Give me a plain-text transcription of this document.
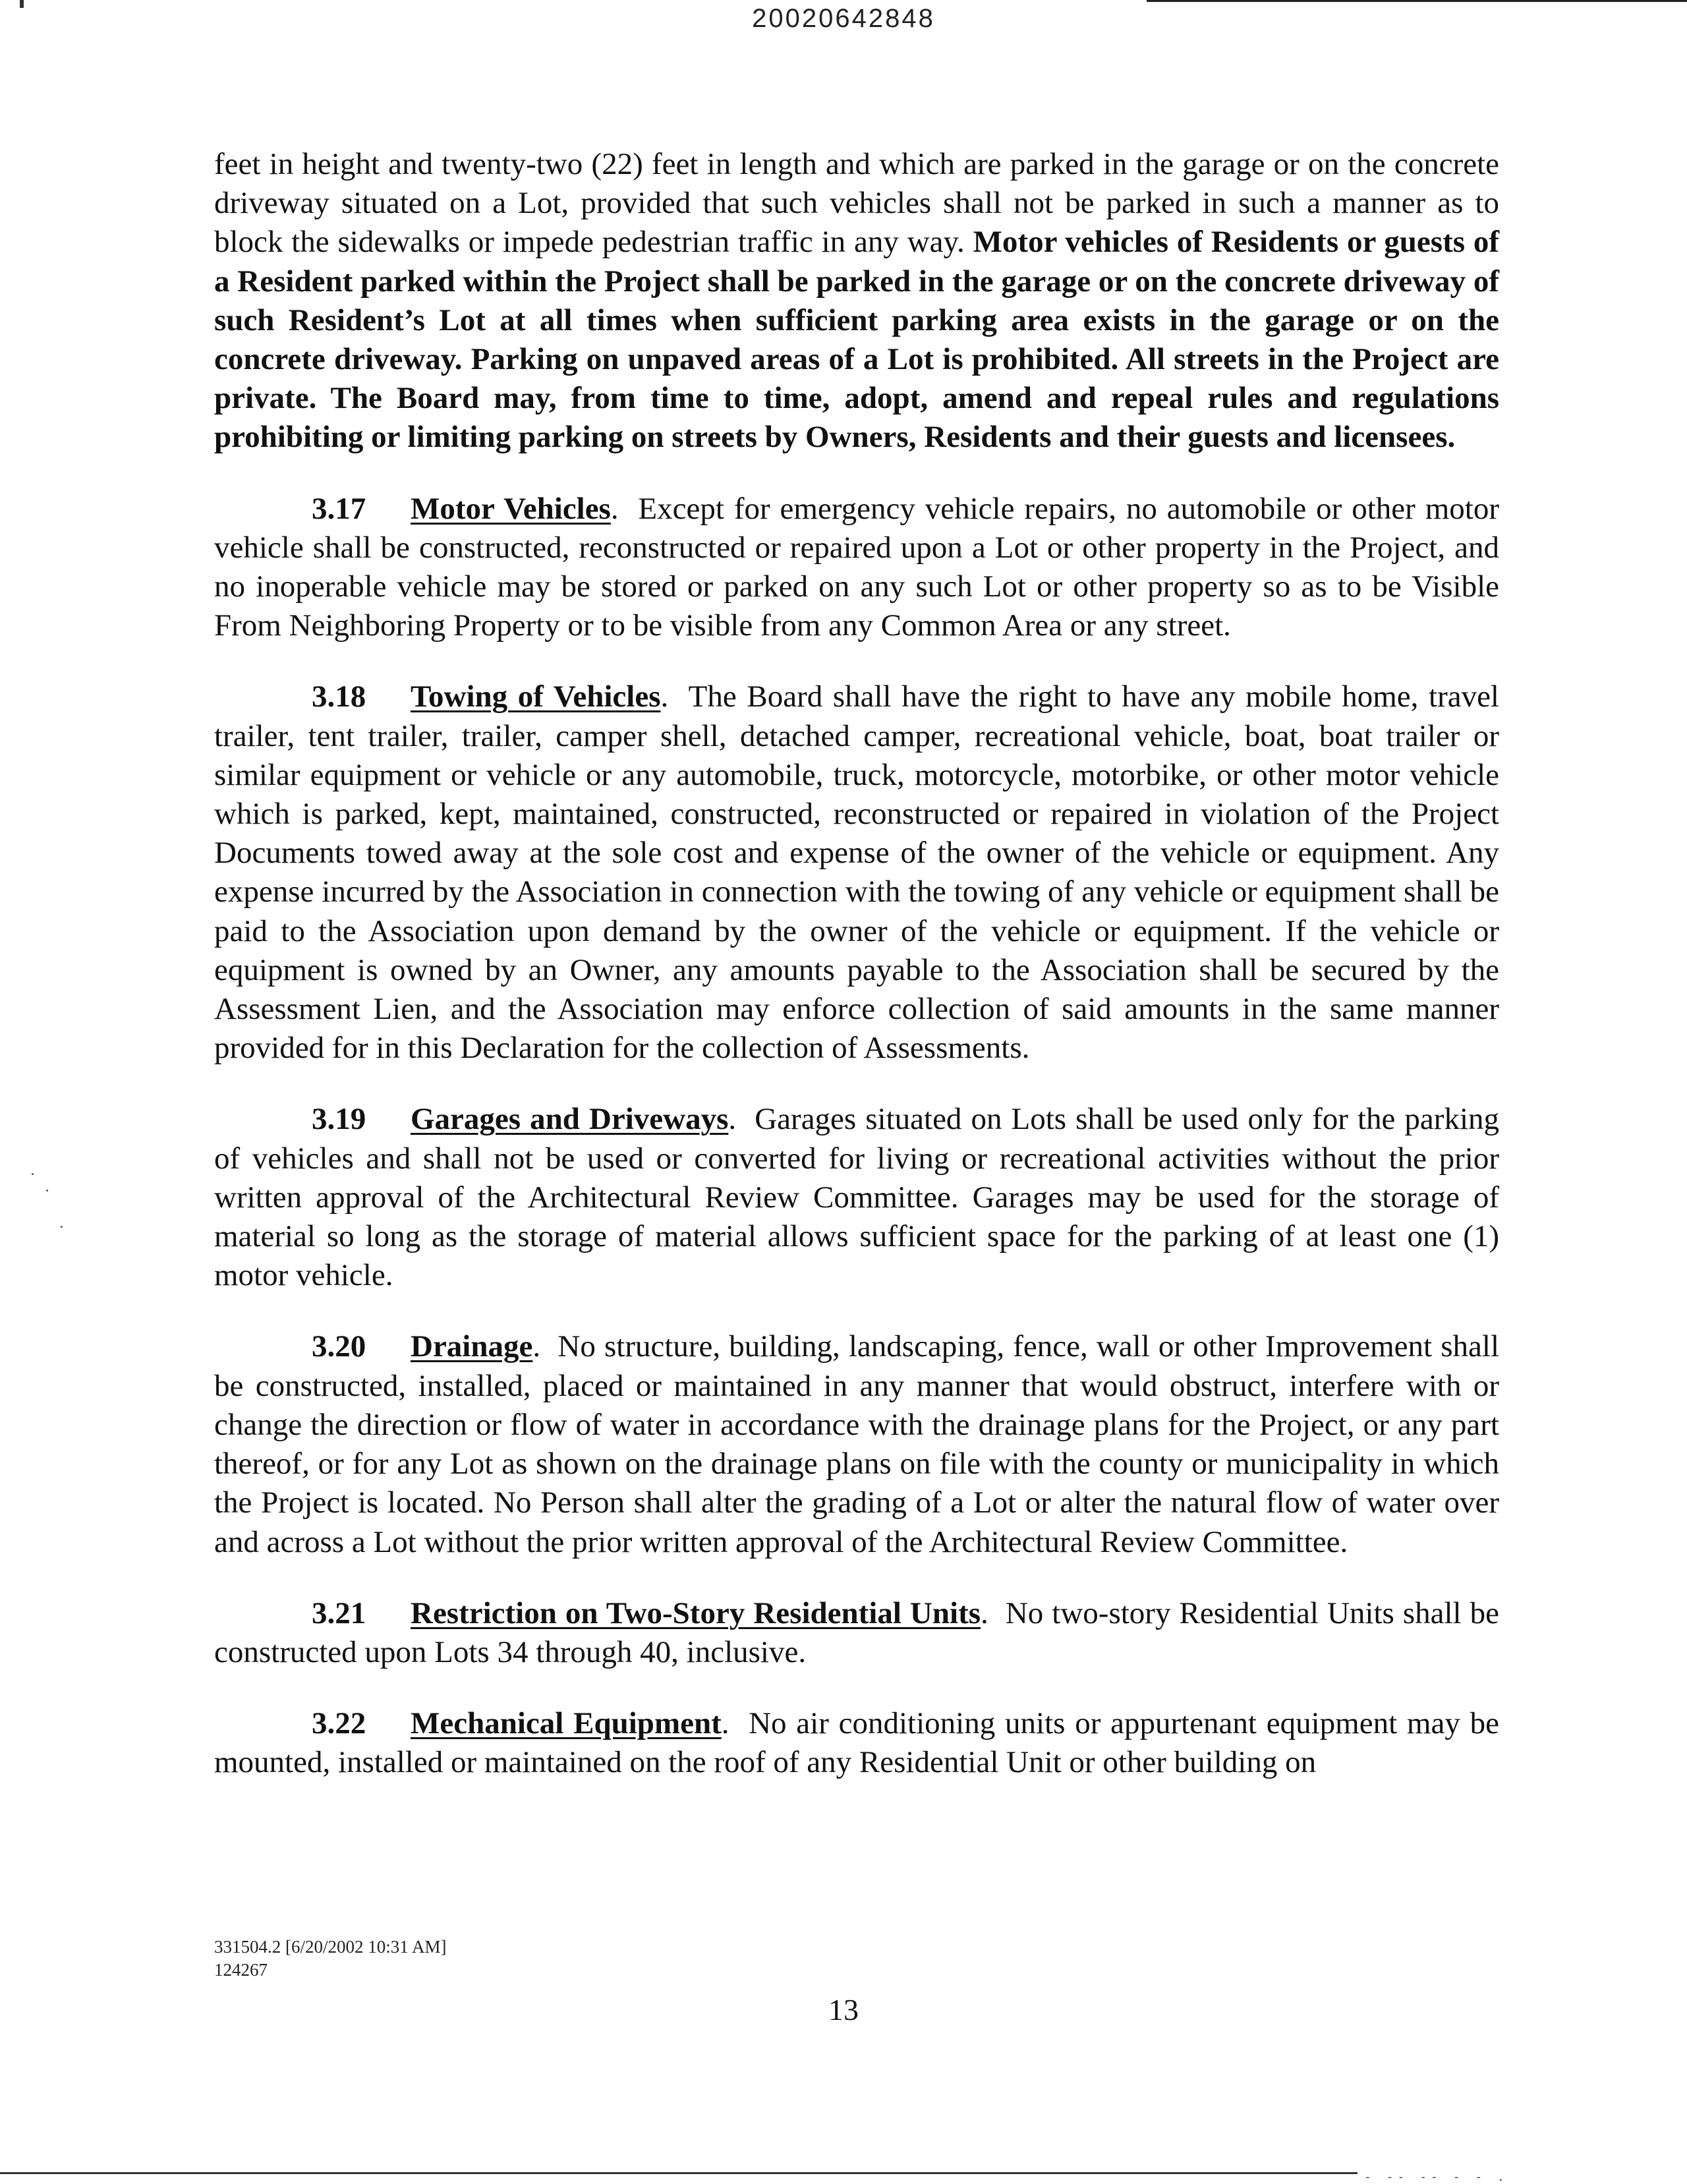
20020642848

feet in height and twenty-two (22) feet in length and which are parked in the garage or on the concrete driveway situated on a Lot, provided that such vehicles shall not be parked in such a manner as to block the sidewalks or impede pedestrian traffic in any way. Motor vehicles of Residents or guests of a Resident parked within the Project shall be parked in the garage or on the concrete driveway of such Resident’s Lot at all times when sufficient parking area exists in the garage or on the concrete driveway. Parking on unpaved areas of a Lot is prohibited. All streets in the Project are private. The Board may, from time to time, adopt, amend and repeal rules and regulations prohibiting or limiting parking on streets by Owners, Residents and their guests and licensees.

3.17 Motor Vehicles.  Except for emergency vehicle repairs, no automobile or other motor vehicle shall be constructed, reconstructed or repaired upon a Lot or other property in the Project, and no inoperable vehicle may be stored or parked on any such Lot or other property so as to be Visible From Neighboring Property or to be visible from any Common Area or any street.

3.18 Towing of Vehicles.  The Board shall have the right to have any mobile home, travel trailer, tent trailer, trailer, camper shell, detached camper, recreational vehicle, boat, boat trailer or similar equipment or vehicle or any automobile, truck, motorcycle, motorbike, or other motor vehicle which is parked, kept, maintained, constructed, reconstructed or repaired in violation of the Project Documents towed away at the sole cost and expense of the owner of the vehicle or equipment. Any expense incurred by the Association in connection with the towing of any vehicle or equipment shall be paid to the Association upon demand by the owner of the vehicle or equipment. If the vehicle or equipment is owned by an Owner, any amounts payable to the Association shall be secured by the Assessment Lien, and the Association may enforce collection of said amounts in the same manner provided for in this Declaration for the collection of Assessments.

3.19 Garages and Driveways.  Garages situated on Lots shall be used only for the parking of vehicles and shall not be used or converted for living or recreational activities without the prior written approval of the Architectural Review Committee. Garages may be used for the storage of material so long as the storage of material allows sufficient space for the parking of at least one (1) motor vehicle.

3.20 Drainage.  No structure, building, landscaping, fence, wall or other Improvement shall be constructed, installed, placed or maintained in any manner that would obstruct, interfere with or change the direction or flow of water in accordance with the drainage plans for the Project, or any part thereof, or for any Lot as shown on the drainage plans on file with the county or municipality in which the Project is located. No Person shall alter the grading of a Lot or alter the natural flow of water over and across a Lot without the prior written approval of the Architectural Review Committee.

3.21 Restriction on Two-Story Residential Units.  No two-story Residential Units shall be constructed upon Lots 34 through 40, inclusive.

3.22 Mechanical Equipment.  No air conditioning units or appurtenant equipment may be mounted, installed or maintained on the roof of any Residential Unit or other building on

331504.2 [6/20/2002 10:31 AM]
124267
13
- -- -- - - .
